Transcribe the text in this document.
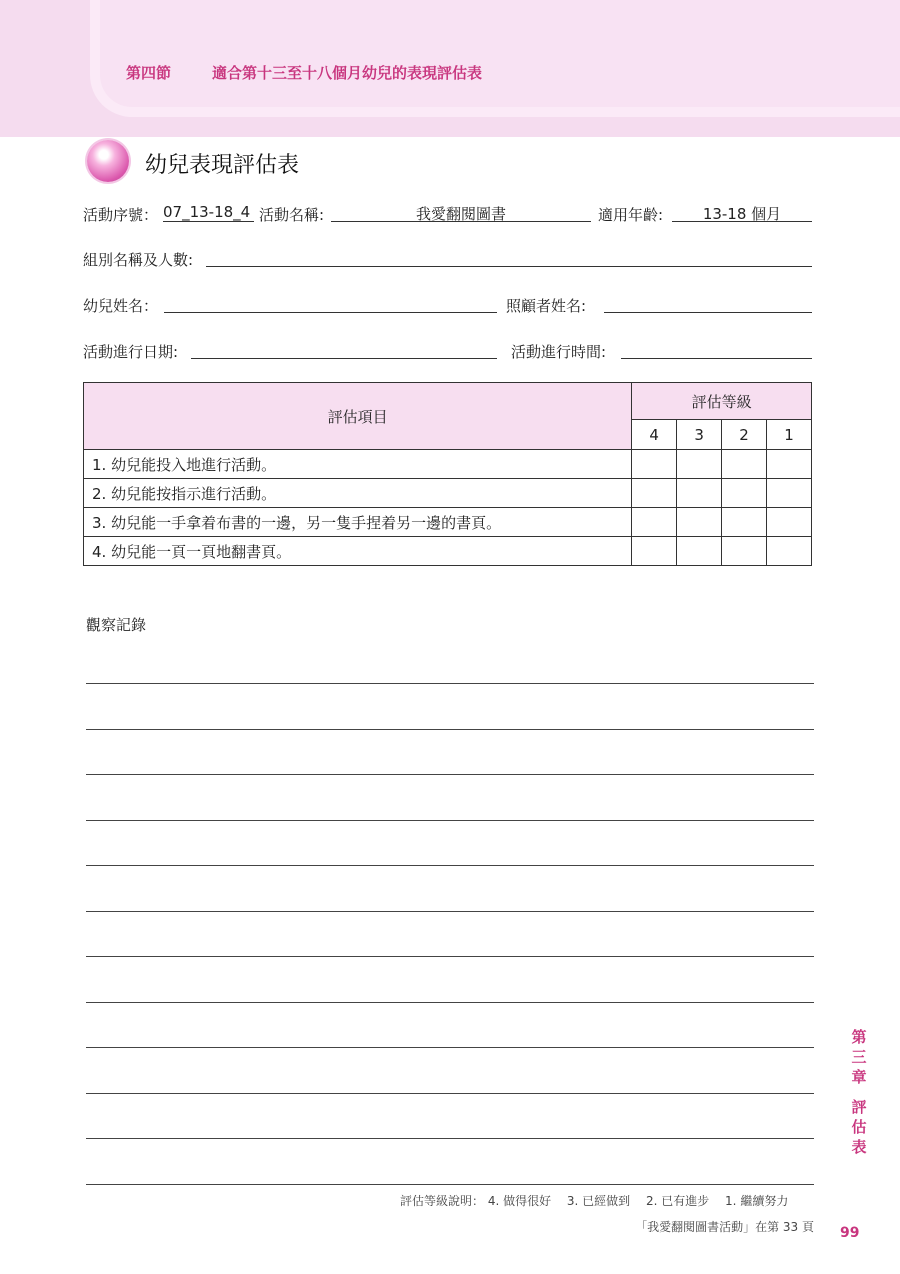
第四節	適合第十三至十八個月幼兒的表現評估表
幼兒表現評估表
活動序號： 07_13-18_4 活動名稱:	我愛翻閱圖書	適用年齡:	13-18 個月
組別名稱及人數:
幼兒姓名：	照顧者姓名:
活動進行日期:	活動進行時間:
評估項目	評估等級			
	4	3	2	1
1. 幼兒能投入地進行活動。				
2. 幼兒能按指示進行活動。				
3. 幼兒能一手拿着布書的一邊，另一隻手捏着另一邊的書頁。				
4. 幼兒能一頁一頁地翻書頁。				
觀察記錄
評估等級說明： 4. 做得很好　 3. 已經做到　 2. 已有進步　 1. 繼續努力
「我愛翻閱圖書活動」在第 33 頁 99
第
三
章
評
估
表
